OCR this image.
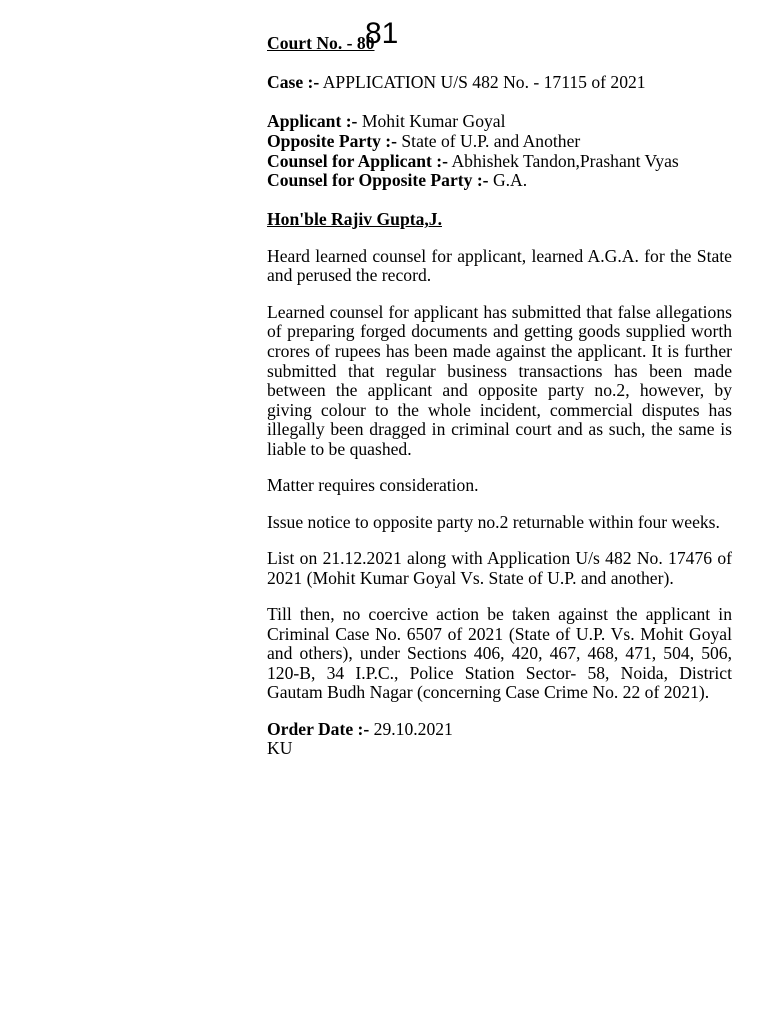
81
Court No. - 80
Case :- APPLICATION U/S 482 No. - 17115 of 2021
Applicant :- Mohit Kumar Goyal
Opposite Party :- State of U.P. and Another
Counsel for Applicant :- Abhishek Tandon,Prashant Vyas
Counsel for Opposite Party :- G.A.
Hon'ble Rajiv Gupta,J.

Heard learned counsel for applicant, learned A.G.A. for the State and perused the record.

Learned counsel for applicant has submitted that false allegations of preparing forged documents and getting goods supplied worth crores of rupees has been made against the applicant. It is further submitted that regular business transactions has been made between the applicant and opposite party no.2, however, by giving colour to the whole incident, commercial disputes has illegally been dragged in criminal court and as such, the same is liable to be quashed.

Matter requires consideration.

Issue notice to opposite party no.2 returnable within four weeks.

List on 21.12.2021 along with Application U/s 482 No. 17476 of 2021 (Mohit Kumar Goyal Vs. State of U.P. and another).

Till then, no coercive action be taken against the applicant in Criminal Case No. 6507 of 2021 (State of U.P. Vs. Mohit Goyal and others), under Sections 406, 420, 467, 468, 471, 504, 506, 120-B, 34 I.P.C., Police Station Sector- 58, Noida, District Gautam Budh Nagar (concerning Case Crime No. 22 of 2021).

Order Date :- 29.10.2021
KU
